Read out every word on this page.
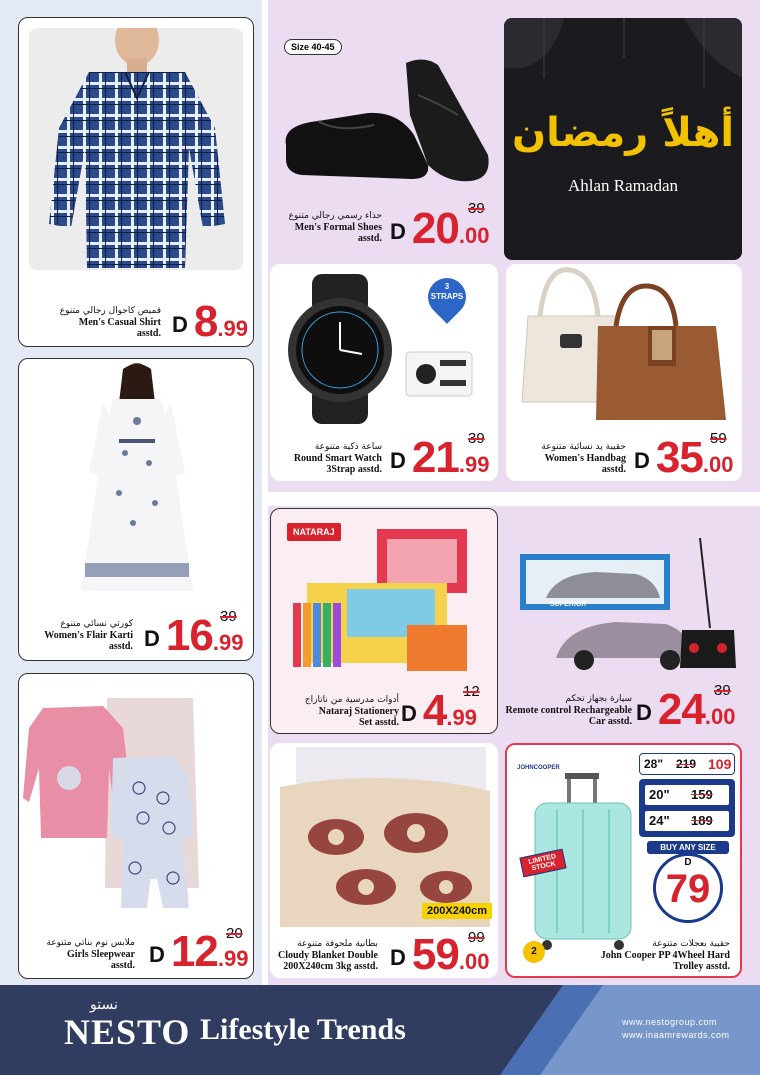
D 8 .99
قميص كاجوال رجالي متنوع
Men's Casual Shirt
asstd.
39
D 16 .99
كورتي نسائي متنوع
Women's Flair Karti
asstd.
20
D 12 .99
ملابس نوم بناتي متنوعة
Girls Sleepwear
asstd.
Size 40-45
39
D 20 .00
حذاء رسمي رجالي متنوع
Men's Formal Shoes
asstd.
أهلاً رمضان
Ahlan Ramadan
3 STRAPS
39
D 21 .99
ساعة ذكية متنوعة
Round Smart Watch
3Strap asstd.
59
D 35 .00
حقيبة يد نسائية متنوعة
Women's Handbag
asstd.
NATARAJ
12
D 4 .99
أدوات مدرسية من ناتاراج
Nataraj Stationery
Set asstd.
SUPERIOR
39
D 24 .00
سيارة بجهاز تحكم
Remote control Rechargeable
Car asstd.
200X240cm
99
D 59 .00
بطانية ملحوفة متنوعة
Cloudy Blanket Double
200X240cm 3kg asstd.
JOHNCOOPER
LIMITED STOCK
2
28" 219 109
20" 159
24" 189
BUY ANY SIZE
D
79
حقيبة بعجلات متنوعة
John Cooper PP 4Wheel Hard
Trolley asstd.
نستو
NESTO Lifestyle Trends	www.nestogroup.com
www.inaamrewards.com
